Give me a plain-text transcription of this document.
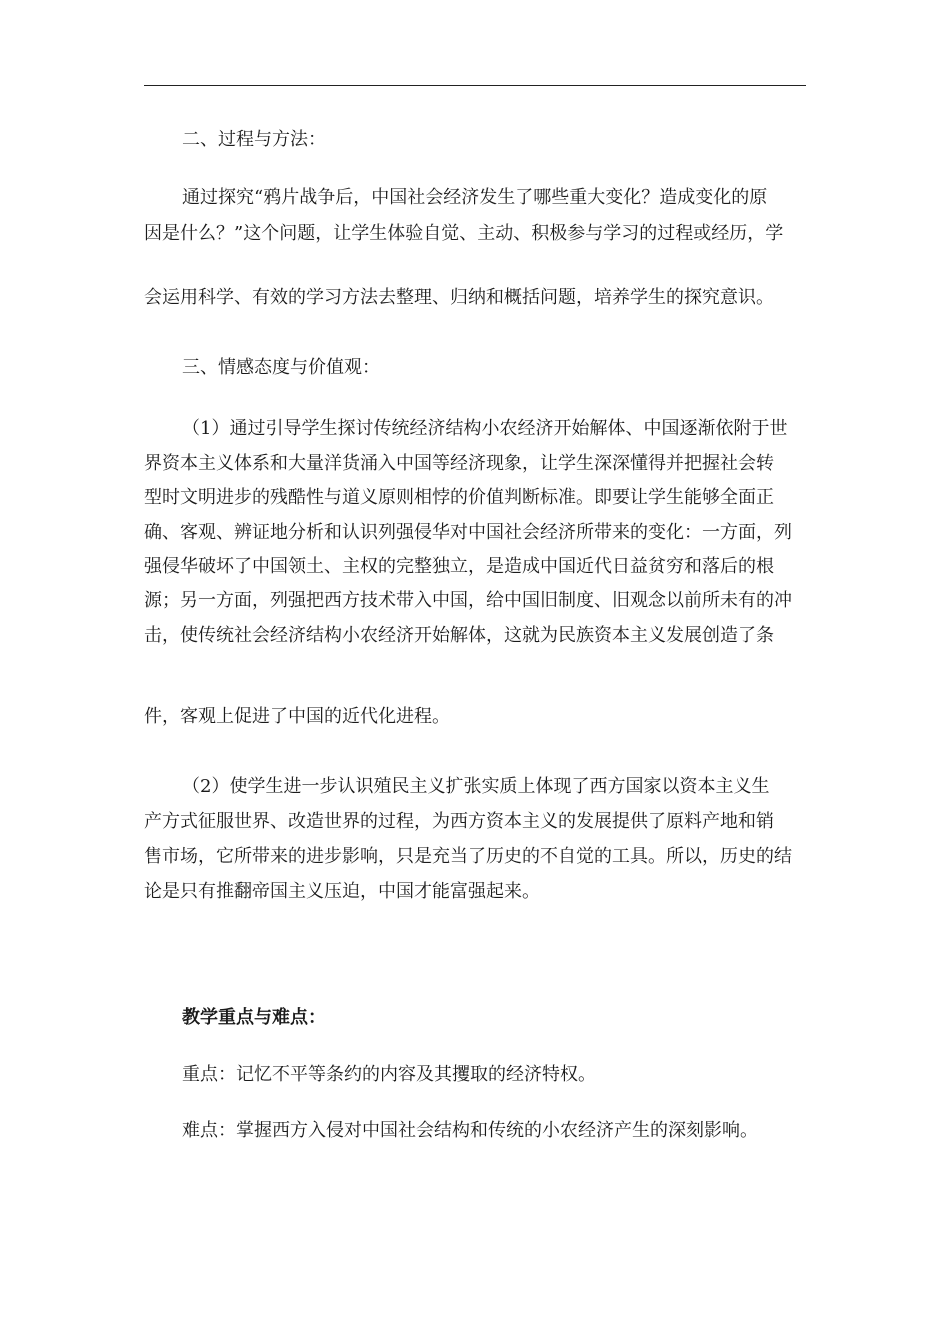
二、过程与方法：
通过探究“鸦片战争后，中国社会经济发生了哪些重大变化？造成变化的原
因是什么？”这个问题，让学生体验自觉、主动、积极参与学习的过程或经历，学
会运用科学、有效的学习方法去整理、归纳和概括问题，培养学生的探究意识。
三、情感态度与价值观：
（1）通过引导学生探讨传统经济结构小农经济开始解体、中国逐渐依附于世
界资本主义体系和大量洋货涌入中国等经济现象，让学生深深懂得并把握社会转
型时文明进步的残酷性与道义原则相悖的价值判断标准。即要让学生能够全面正
确、客观、辨证地分析和认识列强侵华对中国社会经济所带来的变化：一方面，列
强侵华破坏了中国领土、主权的完整独立，是造成中国近代日益贫穷和落后的根
源；另一方面，列强把西方技术带入中国，给中国旧制度、旧观念以前所未有的冲
击，使传统社会经济结构小农经济开始解体，这就为民族资本主义发展创造了条
件，客观上促进了中国的近代化进程。
（2）使学生进一步认识殖民主义扩张实质上体现了西方国家以资本主义生
产方式征服世界、改造世界的过程，为西方资本主义的发展提供了原料产地和销
售市场，它所带来的进步影响，只是充当了历史的不自觉的工具。所以，历史的结
论是只有推翻帝国主义压迫，中国才能富强起来。
教学重点与难点：
重点：记忆不平等条约的内容及其攫取的经济特权。
难点：掌握西方入侵对中国社会结构和传统的小农经济产生的深刻影响。
